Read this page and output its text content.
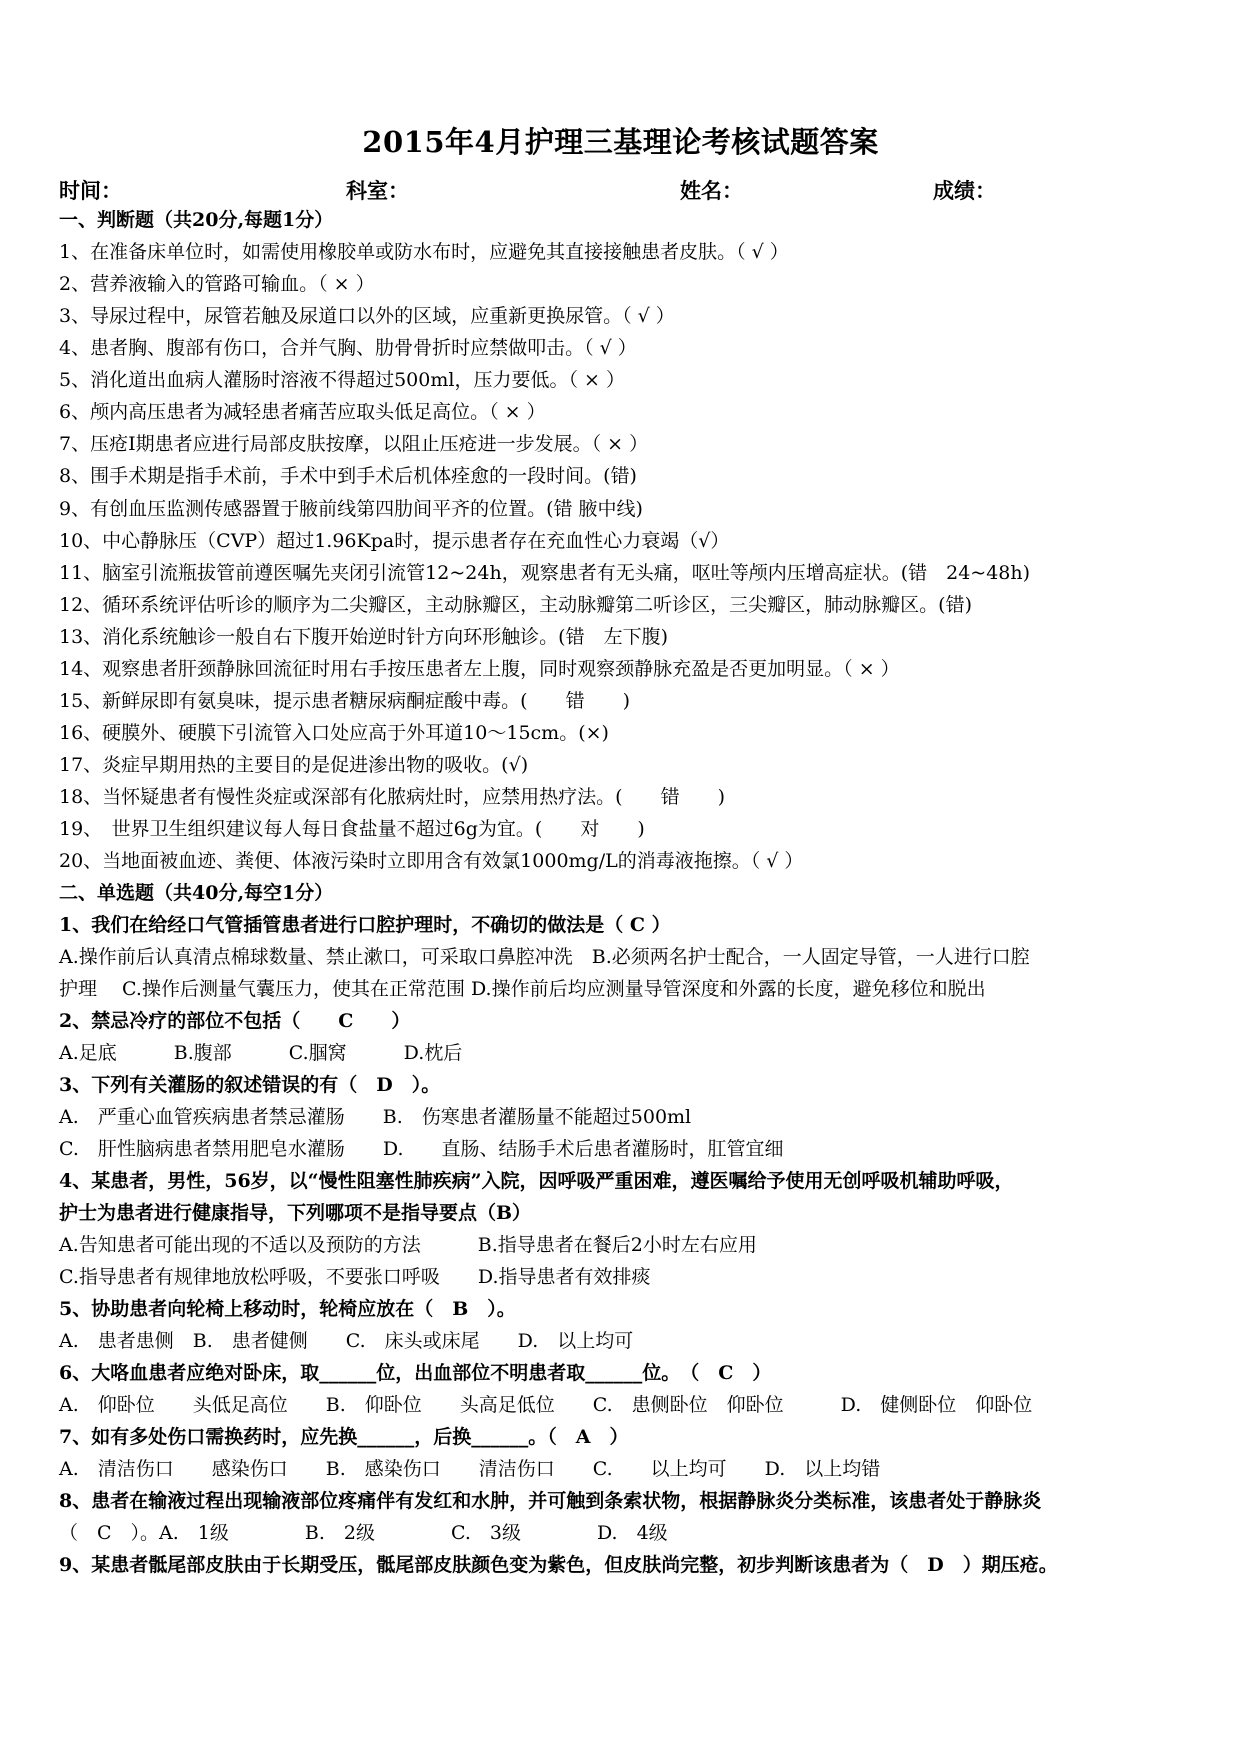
2015年4月护理三基理论考核试题答案
时间：	科室：	姓名：	成绩：
一、判断题（共20分,每题1分）
1、在准备床单位时，如需使用橡胶单或防水布时，应避免其直接接触患者皮肤。（ √ ）
2、营养液输入的管路可输血。（ × ）
3、导尿过程中，尿管若触及尿道口以外的区域，应重新更换尿管。（ √ ）
4、患者胸、腹部有伤口，合并气胸、肋骨骨折时应禁做叩击。（ √ ）
5、消化道出血病人灌肠时溶液不得超过500ml，压力要低。（ × ）
6、颅内高压患者为减轻患者痛苦应取头低足高位。（ × ）
7、压疮Ⅰ期患者应进行局部皮肤按摩，以阻止压疮进一步发展。（ × ）
8、围手术期是指手术前，手术中到手术后机体痊愈的一段时间。(错)
9、有创血压监测传感器置于腋前线第四肋间平齐的位置。(错 腋中线)
10、中心静脉压（CVP）超过1.96Kpa时，提示患者存在充血性心力衰竭（√）
11、脑室引流瓶拔管前遵医嘱先夹闭引流管12~24h，观察患者有无头痛，呕吐等颅内压增高症状。(错　24~48h)
12、循环系统评估听诊的顺序为二尖瓣区，主动脉瓣区，主动脉瓣第二听诊区，三尖瓣区，肺动脉瓣区。(错)
13、消化系统触诊一般自右下腹开始逆时针方向环形触诊。(错　左下腹)
14、观察患者肝颈静脉回流征时用右手按压患者左上腹，同时观察颈静脉充盈是否更加明显。（ × ）
15、新鲜尿即有氨臭味，提示患者糖尿病酮症酸中毒。(　　错　　)
16、硬膜外、硬膜下引流管入口处应高于外耳道10～15cm。(×)
17、炎症早期用热的主要目的是促进渗出物的吸收。(√)
18、当怀疑患者有慢性炎症或深部有化脓病灶时，应禁用热疗法。(　　错　　)
19、　世界卫生组织建议每人每日食盐量不超过6g为宜。(　　对　　)
20、当地面被血迹、粪便、体液污染时立即用含有效氯1000mg/L的消毒液拖擦。（ √ ）
二、单选题（共40分,每空1分）
1、我们在给经口气管插管患者进行口腔护理时，不确切的做法是（ C ）
A.操作前后认真清点棉球数量、禁止漱口，可采取口鼻腔冲洗　B.必须两名护士配合，一人固定导管，一人进行口腔
护理　 C.操作后测量气囊压力，使其在正常范围 D.操作前后均应测量导管深度和外露的长度，避免移位和脱出
2、禁忌冷疗的部位不包括（　　C　　）
A.足底　　　B.腹部　　　C.腘窝　　　D.枕后
3、下列有关灌肠的叙述错误的有（　D　）。
A.　严重心血管疾病患者禁忌灌肠　　B.　伤寒患者灌肠量不能超过500ml
C.　肝性脑病患者禁用肥皂水灌肠　　D.　　直肠、结肠手术后患者灌肠时，肛管宜细
4、某患者，男性，56岁，以“慢性阻塞性肺疾病”入院，因呼吸严重困难，遵医嘱给予使用无创呼吸机辅助呼吸，
护士为患者进行健康指导，下列哪项不是指导要点（B）
A.告知患者可能出现的不适以及预防的方法　　　B.指导患者在餐后2小时左右应用
C.指导患者有规律地放松呼吸，不要张口呼吸　　D.指导患者有效排痰
5、协助患者向轮椅上移动时，轮椅应放在（　B　）。
A.　患者患侧　B.　患者健侧　　C.　床头或床尾　　D.　以上均可
6、大咯血患者应绝对卧床，取______位，出血部位不明患者取______位。　（　C　）
A.　仰卧位　　头低足高位　　B.　仰卧位　　头高足低位　　C.　患侧卧位　仰卧位　　　D.　健侧卧位　仰卧位
7、如有多处伤口需换药时，应先换______，后换______。（　A　）
A.　清洁伤口　　感染伤口　　B.　感染伤口　　清洁伤口　　C.　　以上均可　　D.　以上均错
8、患者在输液过程出现输液部位疼痛伴有发红和水肿，并可触到条索状物，根据静脉炎分类标准，该患者处于静脉炎
（　C　）。A.　1级　　　　B.　2级　　　　C.　3级　　　　D.　4级
9、某患者骶尾部皮肤由于长期受压，骶尾部皮肤颜色变为紫色，但皮肤尚完整，初步判断该患者为（　D　）期压疮。
